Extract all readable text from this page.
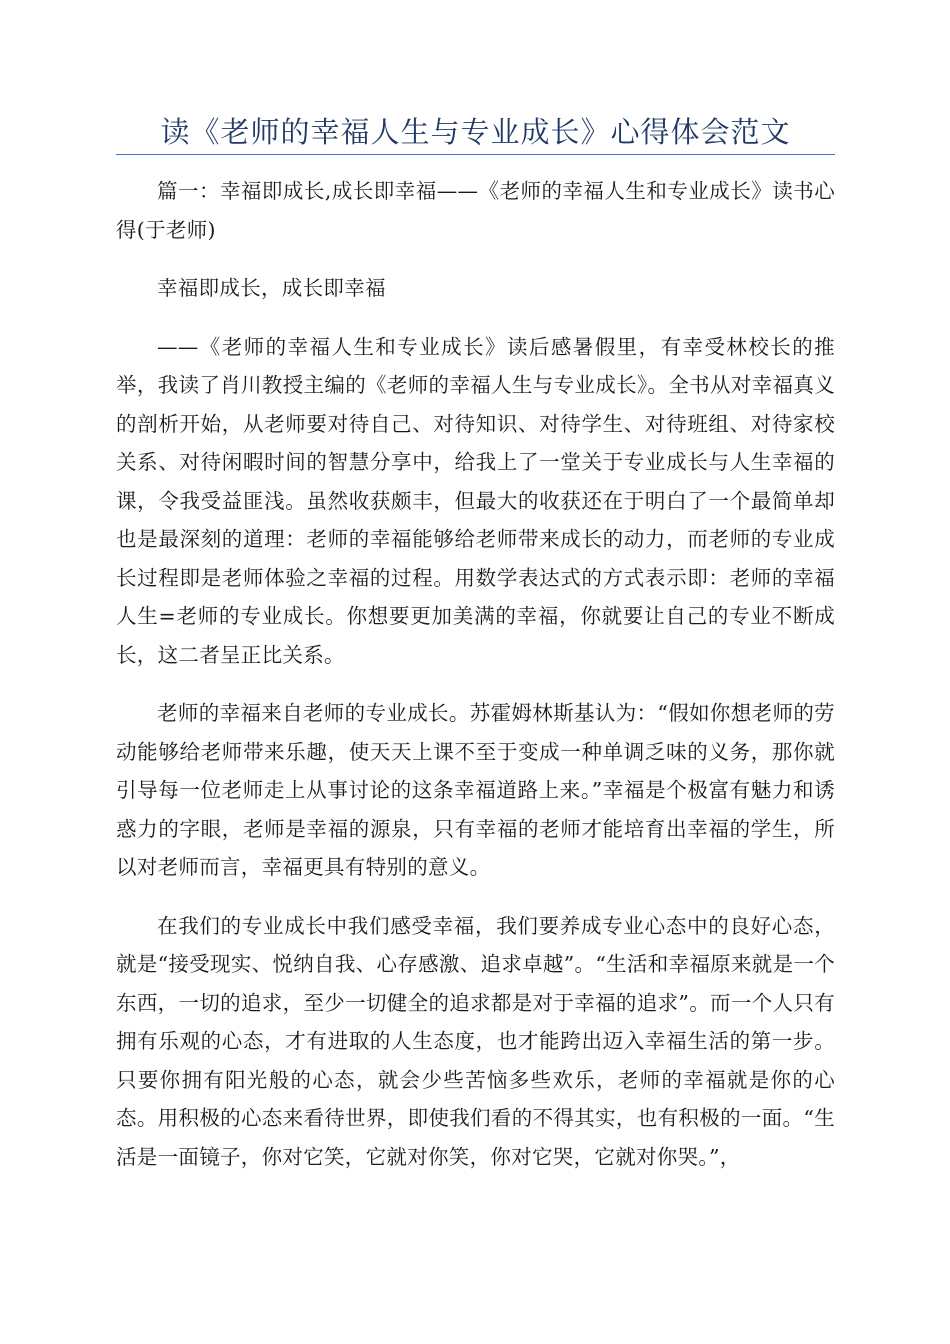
读《老师的幸福人生与专业成长》心得体会范文

篇一：幸福即成长,成长即幸福——《老师的幸福人生和专业成长》读书心得(于老师)

幸福即成长，成长即幸福

——《老师的幸福人生和专业成长》读后感暑假里，有幸受林校长的推举，我读了肖川教授主编的《老师的幸福人生与专业成长》。全书从对幸福真义的剖析开始，从老师要对待自己、对待知识、对待学生、对待班组、对待家校关系、对待闲暇时间的智慧分享中，给我上了一堂关于专业成长与人生幸福的课，令我受益匪浅。虽然收获颇丰，但最大的收获还在于明白了一个最简单却也是最深刻的道理：老师的幸福能够给老师带来成长的动力，而老师的专业成长过程即是老师体验之幸福的过程。用数学表达式的方式表示即：老师的幸福人生=老师的专业成长。你想要更加美满的幸福，你就要让自己的专业不断成长，这二者呈正比关系。

老师的幸福来自老师的专业成长。苏霍姆林斯基认为：“假如你想老师的劳动能够给老师带来乐趣，使天天上课不至于变成一种单调乏味的义务，那你就引导每一位老师走上从事讨论的这条幸福道路上来。”幸福是个极富有魅力和诱惑力的字眼，老师是幸福的源泉，只有幸福的老师才能培育出幸福的学生，所以对老师而言，幸福更具有特别的意义。

在我们的专业成长中我们感受幸福，我们要养成专业心态中的良好心态，就是“接受现实、悦纳自我、心存感激、追求卓越”。“生活和幸福原来就是一个东西，一切的追求，至少一切健全的追求都是对于幸福的追求”。而一个人只有拥有乐观的心态，才有进取的人生态度，也才能跨出迈入幸福生活的第一步。只要你拥有阳光般的心态，就会少些苦恼多些欢乐，老师的幸福就是你的心态。用积极的心态来看待世界，即使我们看的不得其实，也有积极的一面。“生活是一面镜子，你对它笑，它就对你笑，你对它哭，它就对你哭。”，
